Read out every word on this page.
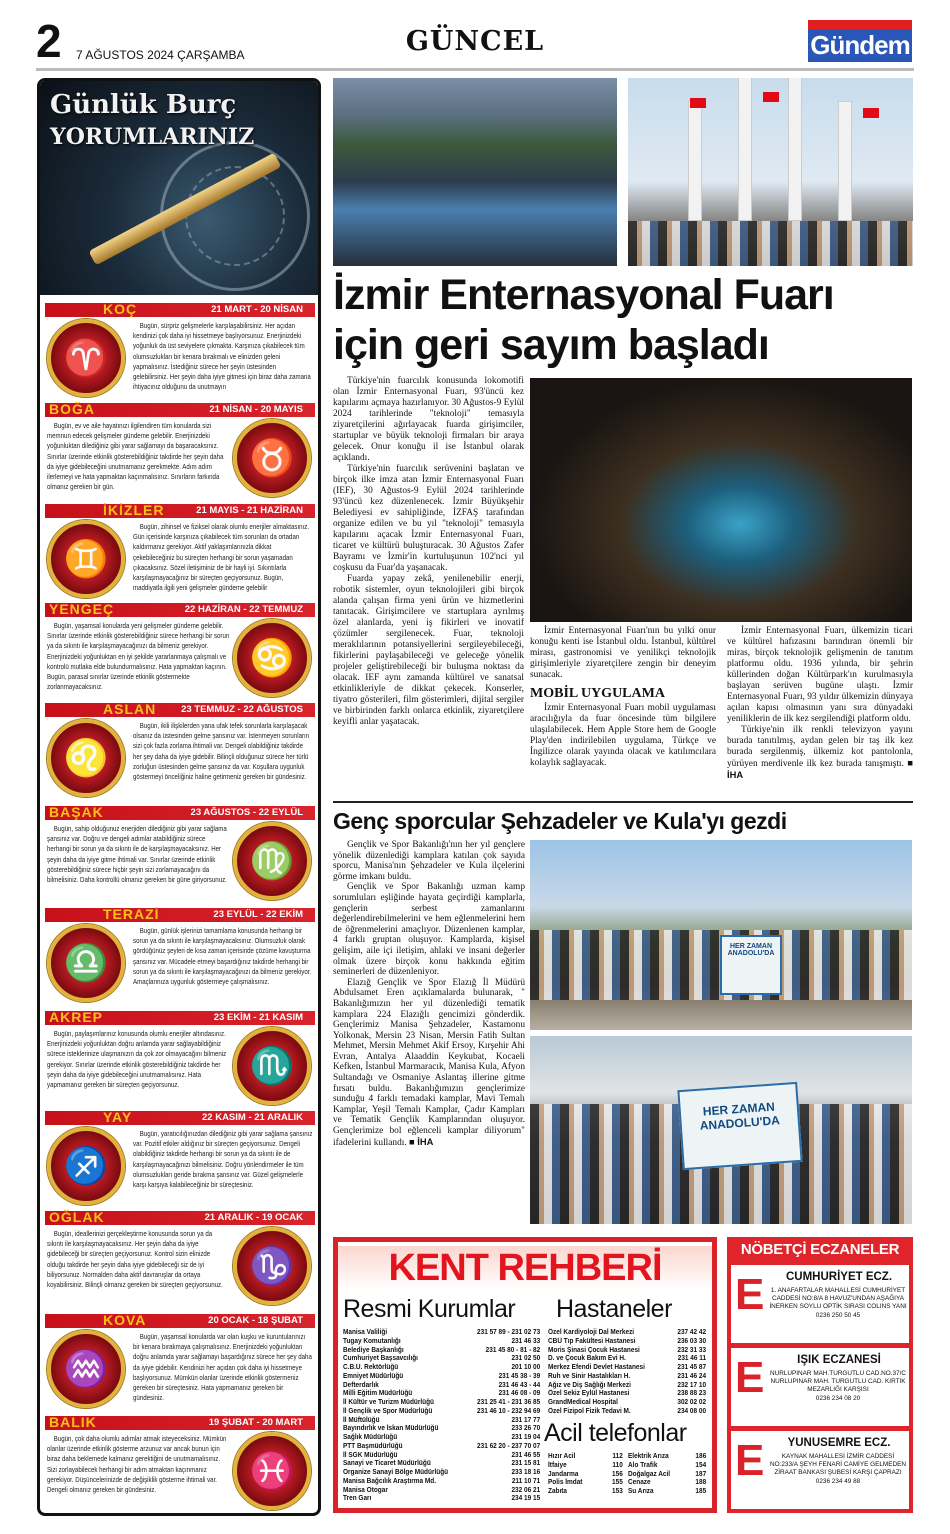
2 7 AĞUSTOS 2024 ÇARŞAMBA	GÜNCEL	Gündem
Günlük Burç
YORUMLARINIZ
KOÇ	21 MART - 20 NİSAN
♈
Bugün, sürpriz gelişmelerle karşılaşabilirsiniz. Her açıdan kendinizi çok daha iyi hissetmeye başlıyorsunuz. Enerjinizdeki yoğunluk da üst seviyelere çıkmakta. Karşınıza çıkabilecek tüm olumsuzlukları bir kenara bırakmalı ve elinizden geleni yapmalısınız. İstediğiniz sürece her şeyin üstesinden gelebilirsiniz. Her şeyin daha iyiye gitmesi için biraz daha zamana ihtiyacınız olduğunu da unutmayın
BOĞA	21 NİSAN - 20 MAYIS
♉
Bugün, ev ve aile hayatınızı ilgilendiren tüm konularda sizi memnun edecek gelişmeler gündeme gelebilir. Enerjinizdeki yoğunluktan dilediğiniz gibi yarar sağlamayı da başaracaksınız. Sınırlar üzerinde etkinlik gösterebildiğiniz takdirde her şeyin daha da iyiye gidebileceğini unutmamanız gerekmekte. Adım adım ilerlemeyi ve hata yapmaktan kaçınmalısınız. Sınırların farkında olmanız gereken bir gün.
İKİZLER	21 MAYIS - 21 HAZİRAN
♊
Bugün, zihinsel ve fiziksel olarak olumlu enerjiler almaktasınız. Gün içerisinde karşınıza çıkabilecek tüm sorunları da ortadan kaldırmanız gerekiyor. Aktif yaklaşımlarınızla dikkat çekebileceğiniz bu süreçten herhangi bir sorun yaşamadan çıkacaksınız. Sözel iletişiminiz de bir hayli iyi. Sıkıntılarla karşılaşmayacağınız bir süreçten geçiyorsunuz. Bugün, maddiyatla ilgili yeni gelişmeler gündeme gelebilir
YENGEÇ	22 HAZİRAN - 22 TEMMUZ
♋
Bugün, yaşamsal konularda yeni gelişmeler gündeme gelebilir. Sınırlar üzerinde etkinlik gösterebildiğiniz sürece herhangi bir sorun ya da sıkıntı ile karşılaşmayacağınızı da bilmeniz gerekiyor. Enerjinizdeki yoğunluktan en iyi şekilde yararlanmaya çalışmalı ve kontrolü mutlaka elde bulundurmalısınız. Hata yapmaktan kaçının. Bugün, parasal sınırlar üzerinde etkinlik göstermekte zorlanmayacaksınız.
ASLAN	23 TEMMUZ - 22 AĞUSTOS
♌
Bugün, ikili ilişkilerden yana ufak tefek sorunlarla karşılaşacak olsanız da üstesinden gelme şansınız var. İstenmeyen sorunların sizi çok fazla zorlama ihtimali var. Dengeli olabildiğiniz takdirde her şey daha da iyiye gidebilir. Bilinçli olduğunuz sürece her türlü zorluğun üstesinden gelme şansınız da var. Koşullara uygunluk göstermeyi önceliğiniz haline getirmeniz gereken bir gündesiniz.
BAŞAK	23 AĞUSTOS - 22 EYLÜL
♍
Bugün, sahip olduğunuz enerjiden dilediğiniz gibi yarar sağlama şansınız var. Doğru ve dengeli adımlar atabildiğiniz sürece herhangi bir sorun ya da sıkıntı ile de karşılaşmayacaksınız. Her şeyin daha da iyiye gitme ihtimali var. Sınırlar üzerinde etkinlik gösterebildiğiniz sürece hiçbir şeyin sizi zorlamayacağını da bilmelisiniz. Daha kontrollü olmanız gereken bir güne giriyorsunuz.
TERAZİ	23 EYLÜL - 22 EKİM
♎
Bugün, günlük işlerinizi tamamlama konusunda herhangi bir sorun ya da sıkıntı ile karşılaşmayacaksınız. Olumsuzluk olarak gördüğünüz şeyleri de kısa zaman içerisinde çözüme kavuşturma şansınız var. Mücadele etmeyi başardığınız takdirde herhangi bir sorun ya da sıkıntı ile karşılaşmayacağınızı da bilmeniz gerekiyor. Amaçlarınıza uygunluk göstermeye çalışmalısınız.
AKREP	23 EKİM - 21 KASIM
♏
Bugün, paylaşımlarınız konusunda olumlu enerjiler altındasınız. Enerjinizdeki yoğunluktan doğru anlamda yarar sağlayabildiğiniz sürece isteklerinize ulaşmanızın da çok zor olmayacağını bilmeniz gerekiyor. Sınırlar üzerinde etkinlik gösterebildiğiniz takdirde her şeyin daha da iyiye gidebileceğini unutmamalısınız. Hata yapmamanız gereken bir süreçten geçiyorsunuz.
YAY	22 KASIM - 21 ARALIK
♐
Bugün, yaratıcılığınızdan dilediğiniz gibi yarar sağlama şansınız var. Pozitif etkiler aldığınız bir süreçten geçiyorsunuz. Dengeli olabildiğiniz takdirde herhangi bir sorun ya da sıkıntı ile de karşılaşmayacağınızı bilmelisiniz. Doğru yönlendirmeler ile tüm olumsuzlukları geride bırakma şansınız var. Güzel gelişmelerle karşı karşıya kalabileceğiniz bir süreçtesiniz.
OĞLAK	21 ARALIK - 19 OCAK
♑
Bugün, ideallerinizi gerçekleştirme konusunda sorun ya da sıkıntı ile karşılaşmayacaksınız. Her şeyin daha da iyiye gidebileceği bir süreçten geçiyorsunuz. Kontrol sizin elinizde olduğu takdirde her şeyin daha iyiye gidebileceği siz de iyi biliyorsunuz. Normalden daha aktif davranışlar da ortaya koyabilirsiniz. Bilinçli olmanız gereken bir süreçten geçiyorsunuz.
KOVA	20 OCAK - 18 ŞUBAT
♒
Bugün, yaşamsal konularda var olan kuşku ve kuruntularınızı bir kenara bırakmaya çalışmalısınız. Enerjinizdeki yoğunluktan doğru anlamda yarar sağlamayı başardığınız sürece her şey daha da iyiye gidebilir. Kendinizi her açıdan çok daha iyi hissetmeye başlıyorsunuz. Mümkün olanlar üzerinde etkinlik göstermeniz gereken bir süreçtesiniz. Hata yapmamanız gereken bir gündesiniz.
BALIK	19 ŞUBAT - 20 MART
♓
Bugün, çok daha olumlu adımlar atmak isteyeceksiniz. Mümkün olanlar üzerinde etkinlik gösterme arzunuz var ancak bunun için biraz daha beklemede kalmanız gerektiğini de unutmamalısınız. Sizi zorlayabilecek herhangi bir adım atmaktan kaçınmanız gerekiyor. Düşüncelerinizde de değişiklik gösterme ihtimali var. Dengeli olmanız gereken bir gündesiniz.
İzmir Enternasyonal Fuarı
için geri sayım başladı

Türkiye'nin fuarcılık konusunda lokomotifi olan İzmir Enternasyonal Fuarı, 93'üncü kez kapılarını açmaya hazırlanıyor. 30 Ağustos-9 Eylül 2024 tarihlerinde "teknoloji" temasıyla ziyaretçilerini ağırlayacak fuarda girişimciler, startuplar ve büyük teknoloji firmaları bir araya gelecek. Onur konuğu il ise İstanbul olarak açıklandı.

Türkiye'nin fuarcılık serüvenini başlatan ve birçok ilke imza atan İzmir Enternasyonal Fuarı (IEF), 30 Ağustos-9 Eylül 2024 tarihlerinde 93'üncü kez düzenlenecek. İzmir Büyükşehir Belediyesi ev sahipliğinde, İZFAŞ tarafından organize edilen ve bu yıl "teknoloji" temasıyla kapılarını açacak İzmir Enternasyonal Fuarı, ticaret ve kültürü buluşturacak. 30 Ağustos Zafer Bayramı ve İzmir'in kurtuluşunun 102'nci yıl coşkusu da Fuar'da yaşanacak.

Fuarda yapay zekâ, yenilenebilir enerji, robotik sistemler, oyun teknolojileri gibi birçok alanda çalışan firma yeni ürün ve hizmetlerini tanıtacak. Girişimcilere ve startuplara ayrılmış özel alanlarda, yeni iş fikirleri ve inovatif çözümler sergilenecek. Fuar, teknoloji meraklılarının potansiyellerini sergileyebileceği, fikirlerini paylaşabileceği ve geleceğe yönelik projeler geliştirebileceği bir buluşma noktası da olacak. IEF aynı zamanda kültürel ve sanatsal etkinlikleriyle de dikkat çekecek. Konserler, tiyatro gösterileri, film gösterimleri, dijital sergiler ve birbirinden farklı onlarca etkinlik, ziyaretçilere keyifli anlar yaşatacak.

İzmir Enternasyonal Fuarı'nın bu yılki onur konuğu kenti ise İstanbul oldu. İstanbul, kültürel mirası, gastronomisi ve yenilikçi teknolojik girişimleriyle ziyaretçilere zengin bir deneyim sunacak.

MOBİL UYGULAMA

İzmir Enternasyonal Fuarı mobil uygulaması aracılığıyla da fuar öncesinde tüm bilgilere ulaşılabilecek. Hem Apple Store hem de Google Play'den indirilebilen uygulama, Türkçe ve İngilizce olarak yayında olacak ve katılımcılara kolaylık sağlayacak.

İzmir Enternasyonal Fuarı, ülkemizin ticari ve kültürel hafızasını barındıran önemli bir miras, birçok teknolojik gelişmenin de tanıtım platformu oldu. 1936 yılında, bir şehrin küllerinden doğan Kültürpark'ın kurulmasıyla başlayan serüven bugüne ulaştı. İzmir Enternasyonal Fuarı, 93 yıldır ülkemizin dünyaya açılan kapısı olmasının yanı sıra dünyadaki yeniliklerin de ilk kez sergilendiği platform oldu.

Türkiye'nin ilk renkli televizyon yayını burada tanıtılmış, aydan gelen bir taş ilk kez burada sergilenmiş, ülkemiz kot pantolonla, yürüyen merdivenle ilk kez burada tanışmıştı. ■ İHA

Genç sporcular Şehzadeler ve Kula'yı gezdi

Gençlik ve Spor Bakanlığı'nın her yıl gençlere yönelik düzenlediği kamplara katılan çok sayıda sporcu, Manisa'nın Şehzadeler ve Kula ilçelerini görme imkanı buldu.

Gençlik ve Spor Bakanlığı uzman kamp sorumluları eşliğinde hayata geçirdiği kamplarla, gençlerin serbest zamanlarını değerlendirebilmelerini ve hem eğlenmelerini hem de öğrenmelerini amaçlıyor. Düzenlenen kamplar, 4 farklı gruptan oluşuyor. Kamplarda, kişisel gelişim, aile içi iletişim, ahlaki ve insani değerler olmak üzere birçok konu hakkında eğitim seminerleri de düzenleniyor.

Elazığ Gençlik ve Spor Elazığ İl Müdürü Abdulsamet Eren açıklamalarda bulunarak, " Bakanlığımızın her yıl düzenlediği tematik kamplara 224 Elazığlı gencimizi gönderdik. Gençlerimiz Manisa Şehzadeler, Kastamonu Yolkonak, Mersin 23 Nisan, Mersin Fatih Sultan Mehmet, Mersin Mehmet Akif Ersoy, Kırşehir Ahi Evran, Antalya Alaaddin Keykubat, Kocaeli Kefken, İstanbul Marmaracık, Manisa Kula, Afyon Sultandağı ve Osmaniye Aslantaş illerine gitme fırsatı buldu. Bakanlığımızın gençlerimize sunduğu 4 farklı temadaki kamplar, Mavi Temalı Kamplar, Yeşil Temalı Kamplar, Çadır Kampları ve Tematik Gençlik Kamplarından oluşuyor. Gençlerimize bol eğlenceli kamplar diliyorum" ifadelerini kullandı. ■ İHA

HER ZAMAN ANADOLU'DA
HER ZAMAN ANADOLU'DA
KENT REHBERİ
Resmi Kurumlar Hastaneler
Manisa Valiliği	231 57 89 - 231 02 73
Tugay Komutanlığı	231 46 33
Belediye Başkanlığı	231 45 80 - 81 - 82
Cumhuriyet Başsavcılığı	231 02 50
C.B.Ü. Rektörlüğü	201 10 00
Emniyet Müdürlüğü	231 45 38 - 39
Defterdarlık	231 46 43 - 44
Milli Eğitim Müdürlüğü	231 46 08 - 09
İl Kültür ve Turizm Müdürlüğü	231 25 41 - 231 36 85
İl Gençlik ve Spor Müdürlüğü	231 46 10 - 232 94 69
İl Müftülüğü	231 17 77
Bayındırlık ve İskan Müdürlüğü	233 26 70
Sağlık Müdürlüğü	231 19 04
PTT Başmüdürlüğü	231 62 20 - 237 70 07
İl SGK Müdürlüğü	231 46 55
Sanayi ve Ticaret Müdürlüğü	231 15 81
Organize Sanayi Bölge Müdürlüğü	233 18 16
Manisa Bağcılık Araştırma Md.	211 10 71
Manisa Otogar	232 06 21
Tren Garı	234 19 15
Özel Kardiyoloji Dal Merkezi	237 42 42
CBÜ Tıp Fakültesi Hastanesi	236 03 30
Moris Şinasi Çocuk Hastanesi	232 31 33
D. ve Çocuk Bakım Evi H.	231 46 11
Merkez Efendi Devlet Hastanesi	231 45 87
Ruh ve Sinir Hastalıkları H.	231 46 24
Ağız ve Diş Sağlığı Merkezi	232 17 10
Özel Sekiz Eylül Hastanesi	238 88 23
GrandMedical Hospital	302 02 02
Özel Fizipol Fizik Tedavi M.	234 08 00
Acil telefonlar
Hızır Acil	112
İtfaiye	110
Jandarma	156
Polis İmdat	155
Zabıta	153
Elektrik Arıza	186
Alo Trafik	154
Doğalgaz Acil	187
Cenaze	188
Su Arıza	185
NÖBETÇİ ECZANELER
E	CUMHURİYET ECZ.
1. ANAFARTALAR MAHALLESİ CUMHURİYET CADDESİ NO:8/A 8 HAVUZ'UNDAN AŞAĞIYA İNERKEN SOYLU OPTİK SIRASI COLINS YANI
0236 250 50 45
E	IŞIK ECZANESİ
NURLUPINAR MAH.TURGUTLU CAD.NO.37/C NURLUPINAR MAH. TURGUTLU CAD. KIRTIK MEZARLIĞI KARŞISI
0236 234 08 20
E	YUNUSEMRE ECZ.
KAYNAK MAHALLESİ İZMİR CADDESİ NO:233/A ŞEYH FENARİ CAMİYE GELMEDEN ZİRAAT BANKASI ŞUBESİ KARŞI ÇAPRAZI
0236 234 49 88
